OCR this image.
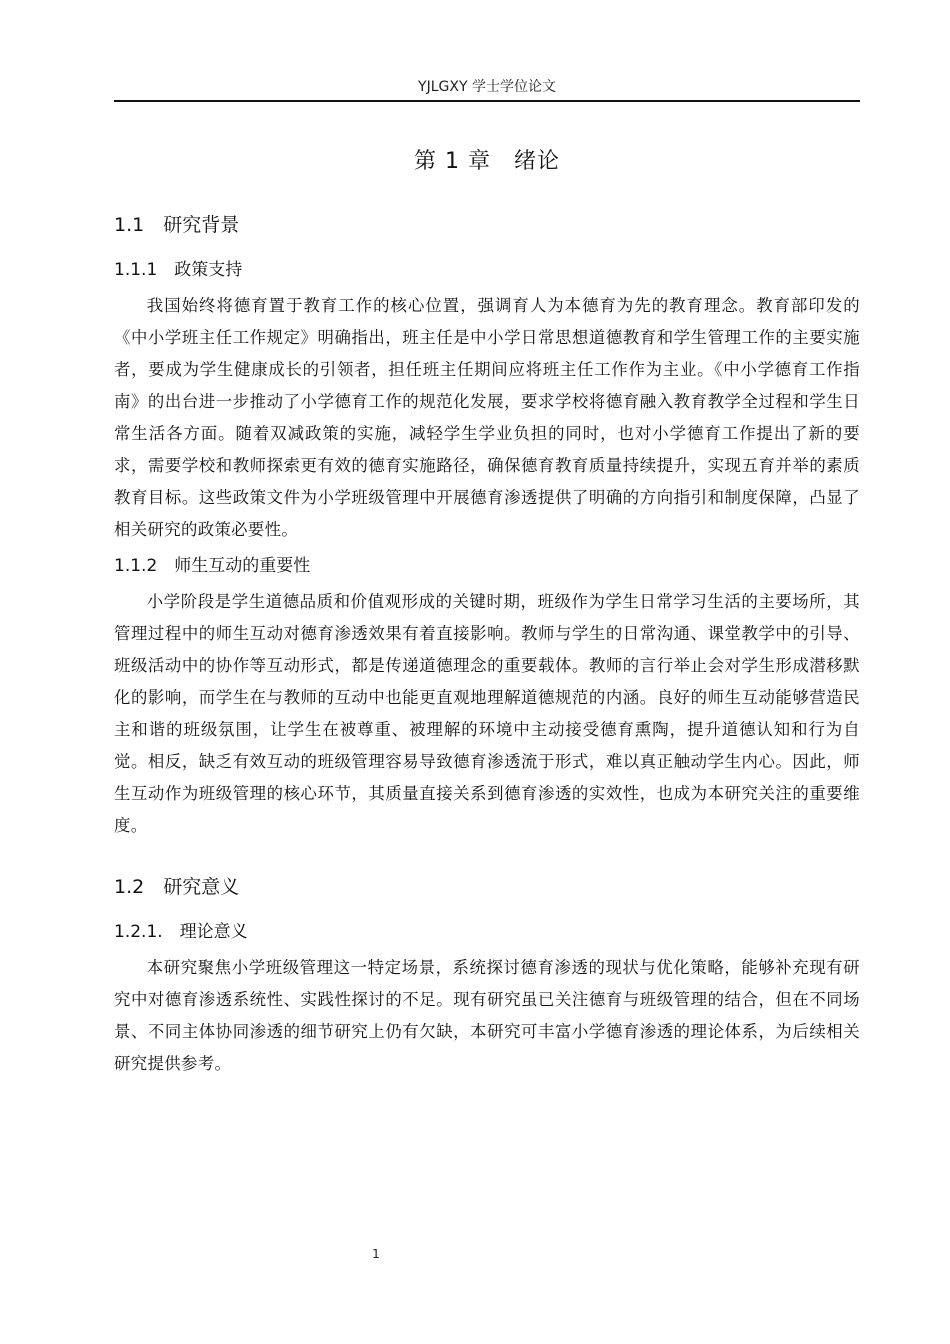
YJLGXY 学士学位论文
第 1 章　绪论
1.1　研究背景
1.1.1　政策支持

我国始终将德育置于教育工作的核心位置，强调育人为本德育为先的教育理念。教育部印发的《中小学班主任工作规定》明确指出，班主任是中小学日常思想道德教育和学生管理工作的主要实施者，要成为学生健康成长的引领者，担任班主任期间应将班主任工作作为主业。《中小学德育工作指南》的出台进一步推动了小学德育工作的规范化发展，要求学校将德育融入教育教学全过程和学生日常生活各方面。随着双减政策的实施，减轻学生学业负担的同时，也对小学德育工作提出了新的要求，需要学校和教师探索更有效的德育实施路径，确保德育教育质量持续提升，实现五育并举的素质教育目标。这些政策文件为小学班级管理中开展德育渗透提供了明确的方向指引和制度保障，凸显了相关研究的政策必要性。

1.1.2　师生互动的重要性

小学阶段是学生道德品质和价值观形成的关键时期，班级作为学生日常学习生活的主要场所，其管理过程中的师生互动对德育渗透效果有着直接影响。教师与学生的日常沟通、课堂教学中的引导、班级活动中的协作等互动形式，都是传递道德理念的重要载体。教师的言行举止会对学生形成潜移默化的影响，而学生在与教师的互动中也能更直观地理解道德规范的内涵。良好的师生互动能够营造民主和谐的班级氛围，让学生在被尊重、被理解的环境中主动接受德育熏陶，提升道德认知和行为自觉。相反，缺乏有效互动的班级管理容易导致德育渗透流于形式，难以真正触动学生内心。因此，师生互动作为班级管理的核心环节，其质量直接关系到德育渗透的实效性，也成为本研究关注的重要维度。

1.2　研究意义
1.2.1.　理论意义

本研究聚焦小学班级管理这一特定场景，系统探讨德育渗透的现状与优化策略，能够补充现有研究中对德育渗透系统性、实践性探讨的不足。现有研究虽已关注德育与班级管理的结合，但在不同场景、不同主体协同渗透的细节研究上仍有欠缺，本研究可丰富小学德育渗透的理论体系，为后续相关研究提供参考。

1
